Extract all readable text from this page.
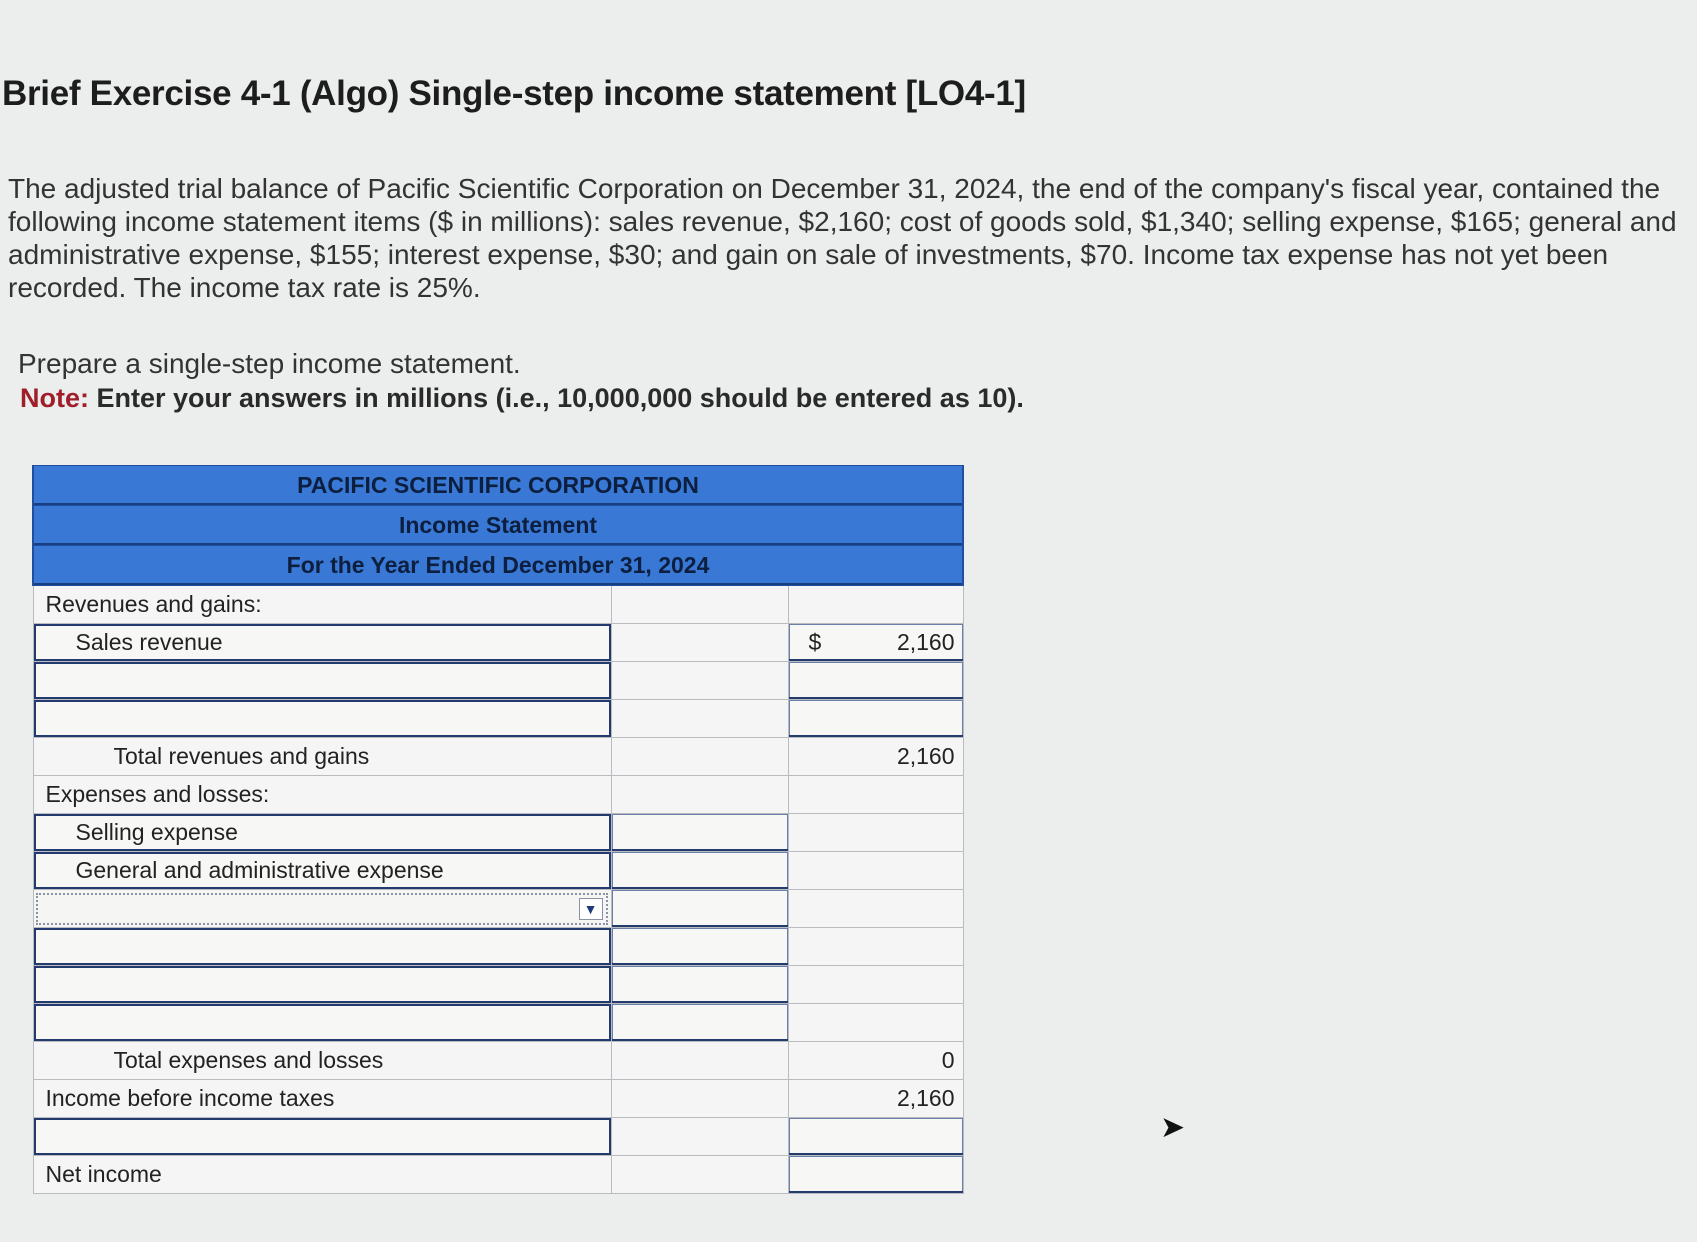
Brief Exercise 4-1 (Algo) Single-step income statement [LO4-1]

The adjusted trial balance of Pacific Scientific Corporation on December 31, 2024, the end of the company's fiscal year, contained the following income statement items ($ in millions): sales revenue, $2,160; cost of goods sold, $1,340; selling expense, $165; general and administrative expense, $155; interest expense, $30; and gain on sale of investments, $70. Income tax expense has not yet been recorded. The income tax rate is 25%.

Prepare a single-step income statement.

Note: Enter your answers in millions (i.e., 10,000,000 should be entered as 10).

PACIFIC SCIENTIFIC CORPORATION		
Income Statement		
For the Year Ended December 31, 2024		
Revenues and gains:		
Sales revenue		$ 2,160

Total revenues and gains		2,160
Expenses and losses:		
Selling expense		
General and administrative expense		

▼		

Total expenses and losses		0
Income before income taxes		2,160

Net income		
➤
